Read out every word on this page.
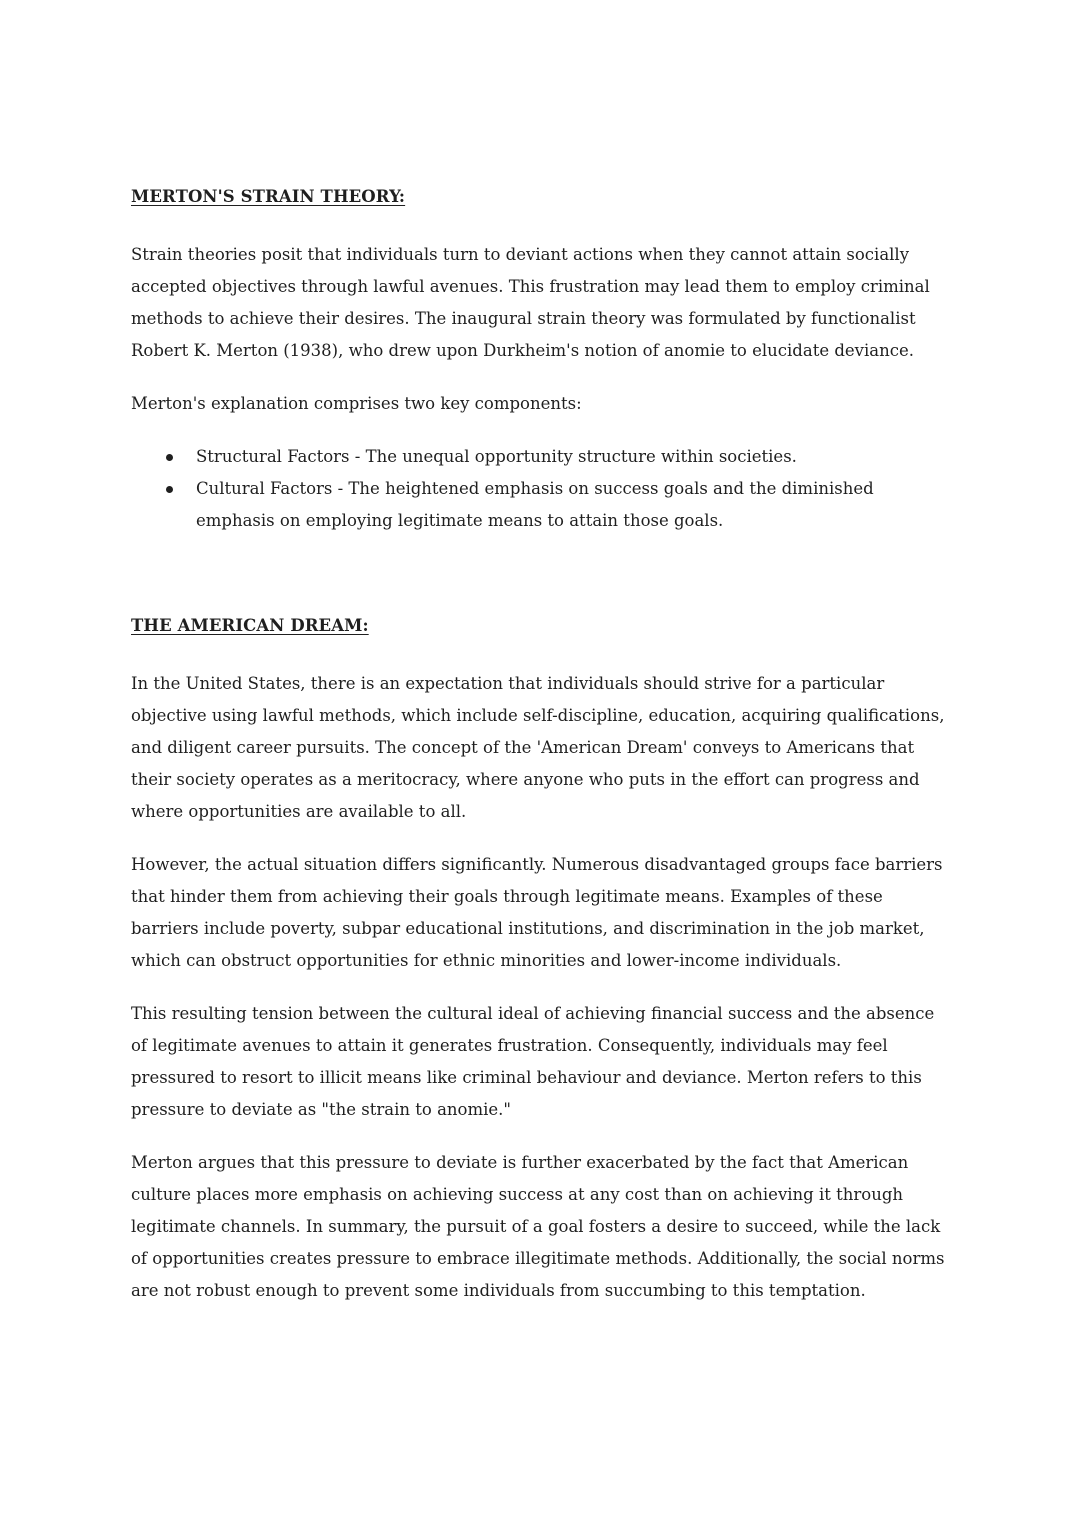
MERTON'S STRAIN THEORY:

Strain theories posit that individuals turn to deviant actions when they cannot attain socially accepted objectives through lawful avenues. This frustration may lead them to employ criminal methods to achieve their desires. The inaugural strain theory was formulated by functionalist Robert K. Merton (1938), who drew upon Durkheim's notion of anomie to elucidate deviance.

Merton's explanation comprises two key components:

Structural Factors - The unequal opportunity structure within societies.
Cultural Factors - The heightened emphasis on success goals and the diminished emphasis on employing legitimate means to attain those goals.
THE AMERICAN DREAM:

In the United States, there is an expectation that individuals should strive for a particular objective using lawful methods, which include self-discipline, education, acquiring qualifications, and diligent career pursuits. The concept of the 'American Dream' conveys to Americans that their society operates as a meritocracy, where anyone who puts in the effort can progress and where opportunities are available to all.

However, the actual situation differs significantly. Numerous disadvantaged groups face barriers that hinder them from achieving their goals through legitimate means. Examples of these barriers include poverty, subpar educational institutions, and discrimination in the job market, which can obstruct opportunities for ethnic minorities and lower-income individuals.

This resulting tension between the cultural ideal of achieving financial success and the absence of legitimate avenues to attain it generates frustration. Consequently, individuals may feel pressured to resort to illicit means like criminal behaviour and deviance. Merton refers to this pressure to deviate as "the strain to anomie."

Merton argues that this pressure to deviate is further exacerbated by the fact that American culture places more emphasis on achieving success at any cost than on achieving it through legitimate channels. In summary, the pursuit of a goal fosters a desire to succeed, while the lack of opportunities creates pressure to embrace illegitimate methods. Additionally, the social norms are not robust enough to prevent some individuals from succumbing to this temptation.
